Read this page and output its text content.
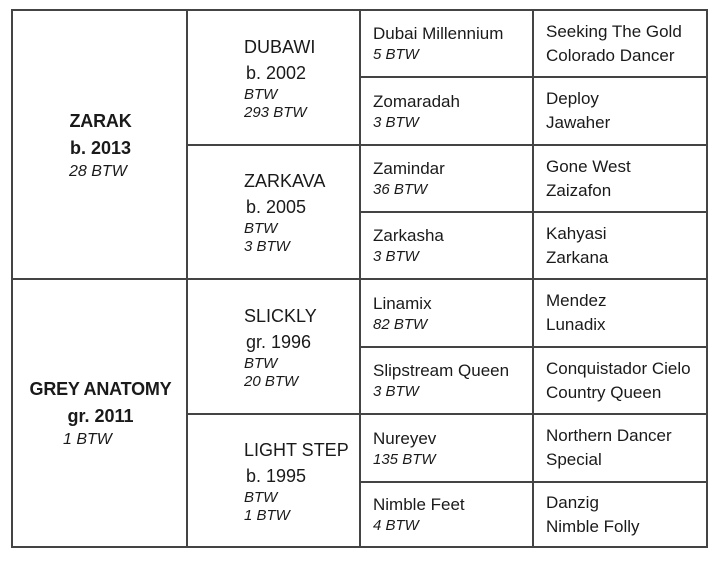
ZARAK
b. 2013
28 BTW
GREY ANATOMY
gr. 2011
1 BTW
DUBAWI
b. 2002
BTW
293 BTW
ZARKAVA
b. 2005
BTW
3 BTW
SLICKLY
gr. 1996
BTW
20 BTW
LIGHT STEP
b. 1995
BTW
1 BTW
Dubai Millennium
5 BTW
Zomaradah
3 BTW
Zamindar
36 BTW
Zarkasha
3 BTW
Linamix
82 BTW
Slipstream Queen
3 BTW
Nureyev
135 BTW
Nimble Feet
4 BTW
Seeking The Gold
Colorado Dancer
Deploy
Jawaher
Gone West
Zaizafon
Kahyasi
Zarkana
Mendez
Lunadix
Conquistador Cielo
Country Queen
Northern Dancer
Special
Danzig
Nimble Folly
